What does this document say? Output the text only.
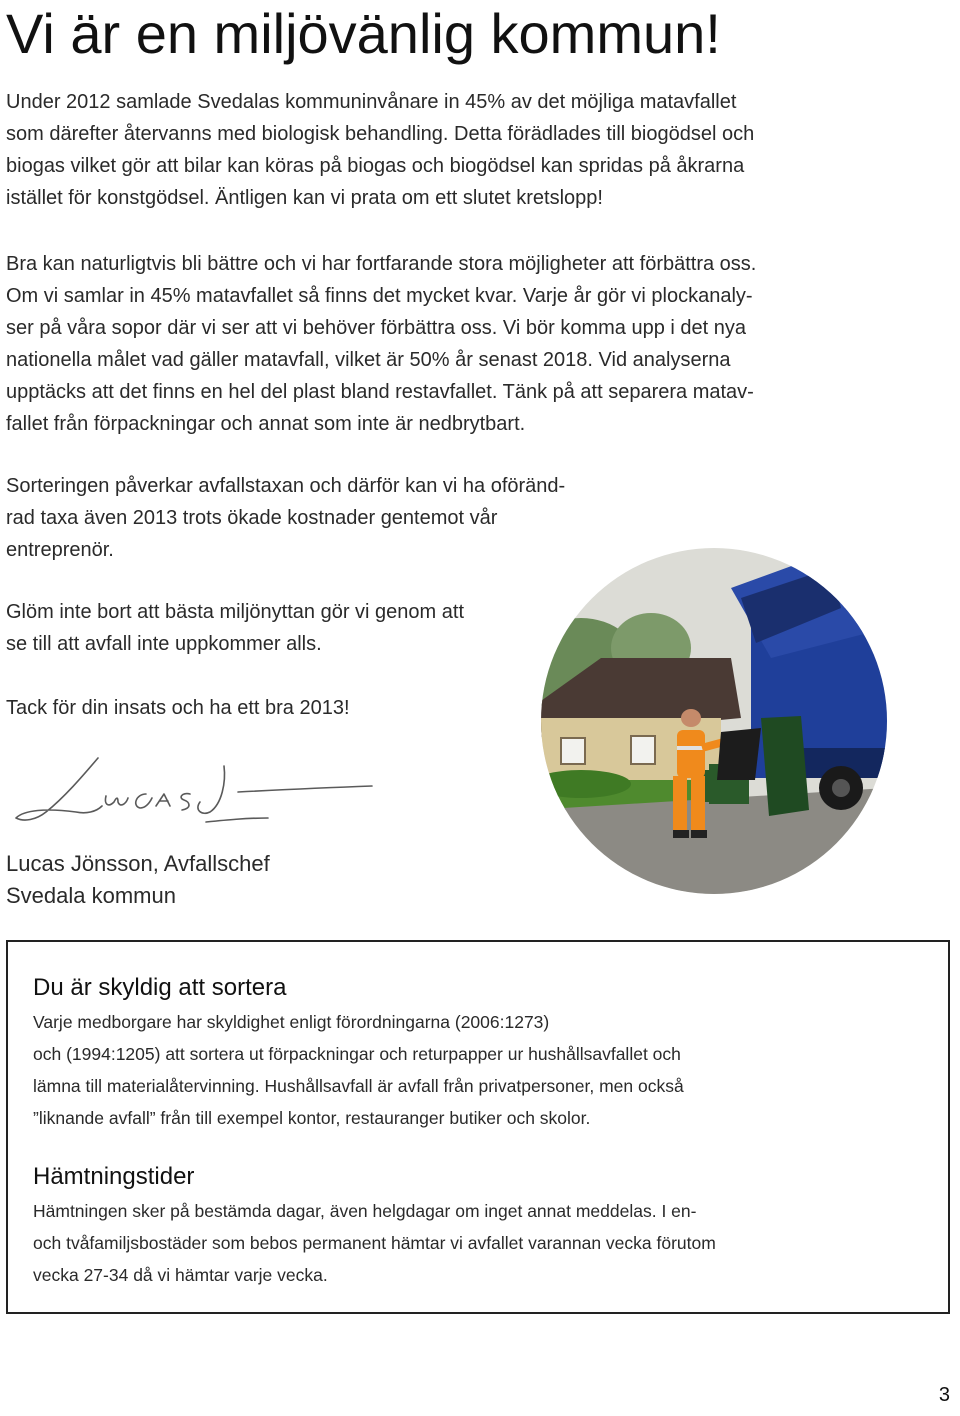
Vi är en miljövänlig kommun!
Under 2012 samlade Svedalas kommuninvånare in 45% av det möjliga matavfallet
som därefter återvanns med biologisk behandling. Detta förädlades till biogödsel och
biogas vilket gör att bilar kan köras på biogas och biogödsel kan spridas på åkrarna
istället för konstgödsel. Äntligen kan vi prata om ett slutet kretslopp!
Bra kan naturligtvis bli bättre och vi har fortfarande stora möjligheter att förbättra oss.
Om vi samlar in 45% matavfallet så finns det mycket kvar. Varje år gör vi plockanaly-
ser på våra sopor där vi ser att vi behöver förbättra oss. Vi bör komma upp i det nya
nationella målet vad gäller matavfall, vilket är 50% år senast 2018. Vid analyserna
upptäcks att det finns en hel del plast bland restavfallet. Tänk på att separera matav-
fallet från förpackningar och annat som inte är nedbrytbart.
Sorteringen påverkar avfallstaxan och därför kan vi ha oföränd-
rad taxa även 2013 trots ökade kostnader gentemot vår
entreprenör.
Glöm inte bort att bästa miljönyttan gör vi genom att
se till att avfall inte uppkommer alls.
Tack för din insats och ha ett bra 2013!
Lucas Jönsson, Avfallschef
Svedala kommun
Du är skyldig att sortera
Varje medborgare har skyldighet enligt förordningarna (2006:1273)
och (1994:1205) att sortera ut förpackningar och returpapper ur hushållsavfallet och
lämna till materialåtervinning. Hushållsavfall är avfall från privatpersoner, men också
”liknande avfall” från till exempel kontor, restauranger butiker och skolor.
Hämtningstider
Hämtningen sker på bestämda dagar, även helgdagar om inget annat meddelas. I en-
och tvåfamiljsbostäder som bebos permanent hämtar vi avfallet varannan vecka förutom
vecka 27-34 då vi hämtar varje vecka.
3
